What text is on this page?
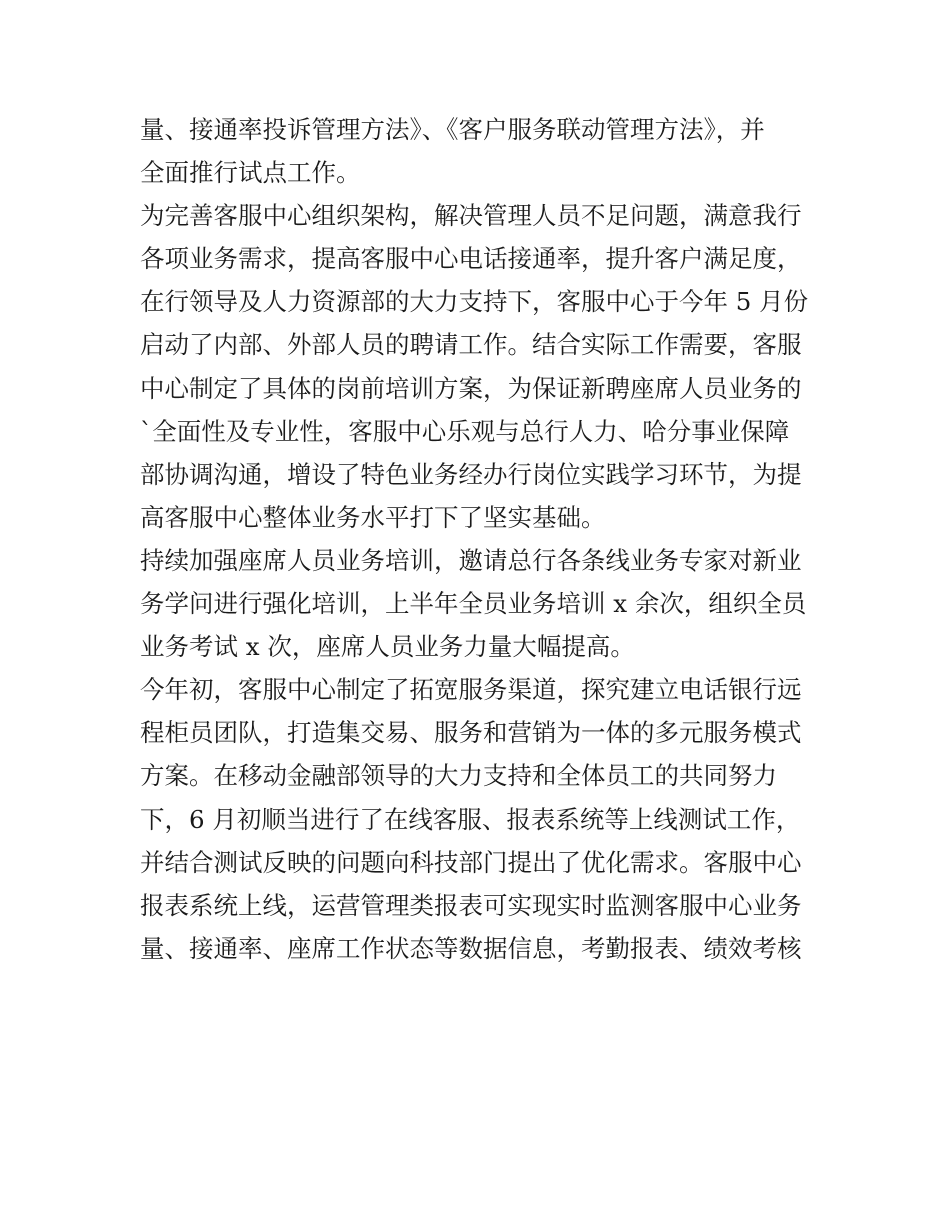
量、接通率投诉管理方法》、《客户服务联动管理方法》，并
全面推行试点工作。
为完善客服中心组织架构，解决管理人员不足问题，满意我行
各项业务需求，提高客服中心电话接通率，提升客户满足度，
在行领导及人力资源部的大力支持下，客服中心于今年 5 月份
启动了内部、外部人员的聘请工作。结合实际工作需要，客服
中心制定了具体的岗前培训方案，为保证新聘座席人员业务的
`全面性及专业性，客服中心乐观与总行人力、哈分事业保障
部协调沟通，增设了特色业务经办行岗位实践学习环节，为提
高客服中心整体业务水平打下了坚实基础。
持续加强座席人员业务培训，邀请总行各条线业务专家对新业
务学问进行强化培训，上半年全员业务培训 x 余次，组织全员
业务考试 x 次，座席人员业务力量大幅提高。
今年初，客服中心制定了拓宽服务渠道，探究建立电话银行远
程柜员团队，打造集交易、服务和营销为一体的多元服务模式
方案。在移动金融部领导的大力支持和全体员工的共同努力
下，6 月初顺当进行了在线客服、报表系统等上线测试工作，
并结合测试反映的问题向科技部门提出了优化需求。客服中心
报表系统上线，运营管理类报表可实现实时监测客服中心业务
量、接通率、座席工作状态等数据信息，考勤报表、绩效考核
